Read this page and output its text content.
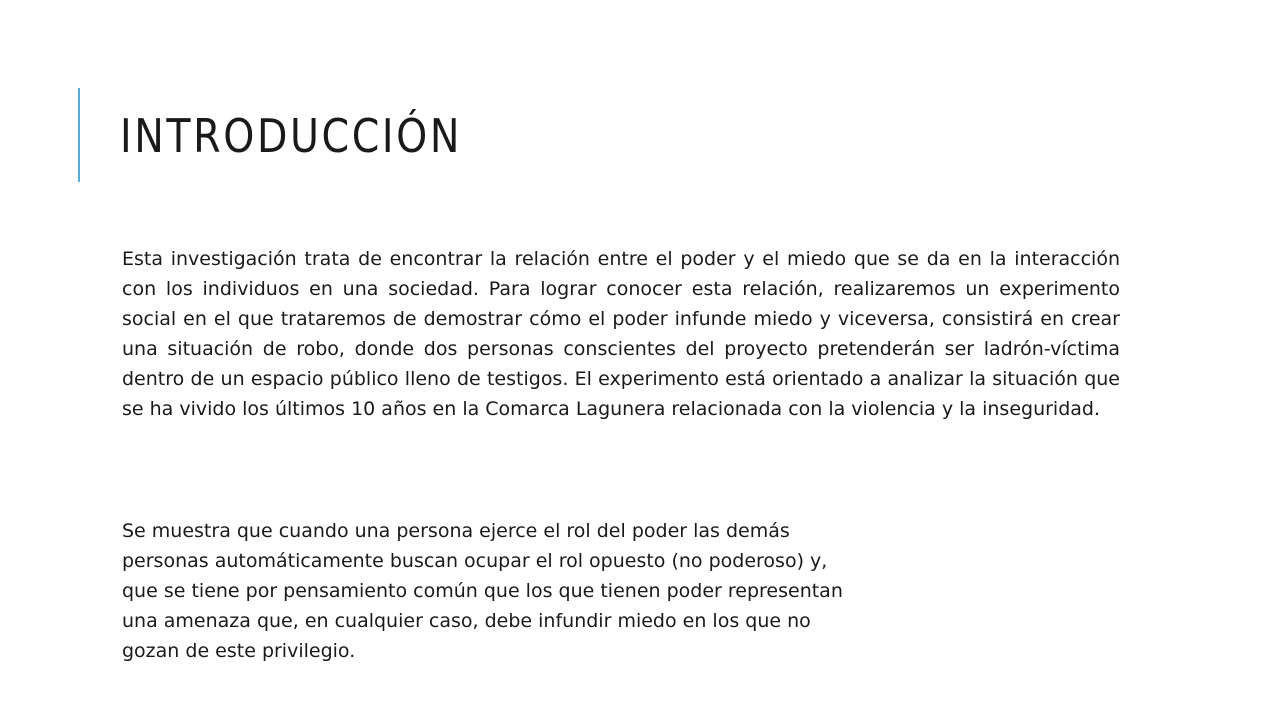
INTRODUCCIÓN

Esta investigación trata de encontrar la relación entre el poder y el miedo que se da en la interacción con los individuos en una sociedad. Para lograr conocer esta relación, realizaremos un experimento social en el que trataremos de demostrar cómo el poder infunde miedo y viceversa, consistirá en crear una situación de robo, donde dos personas conscientes del proyecto pretenderán ser ladrón-víctima dentro de un espacio público lleno de testigos. El experimento está orientado a analizar la situación que se ha vivido los últimos 10 años en la Comarca Lagunera relacionada con la violencia y la inseguridad.

Se muestra que cuando una persona ejerce el rol del poder las demás personas automáticamente buscan ocupar el rol opuesto (no poderoso) y, que se tiene por pensamiento común que los que tienen poder representan una amenaza que, en cualquier caso, debe infundir miedo en los que no gozan de este privilegio.
